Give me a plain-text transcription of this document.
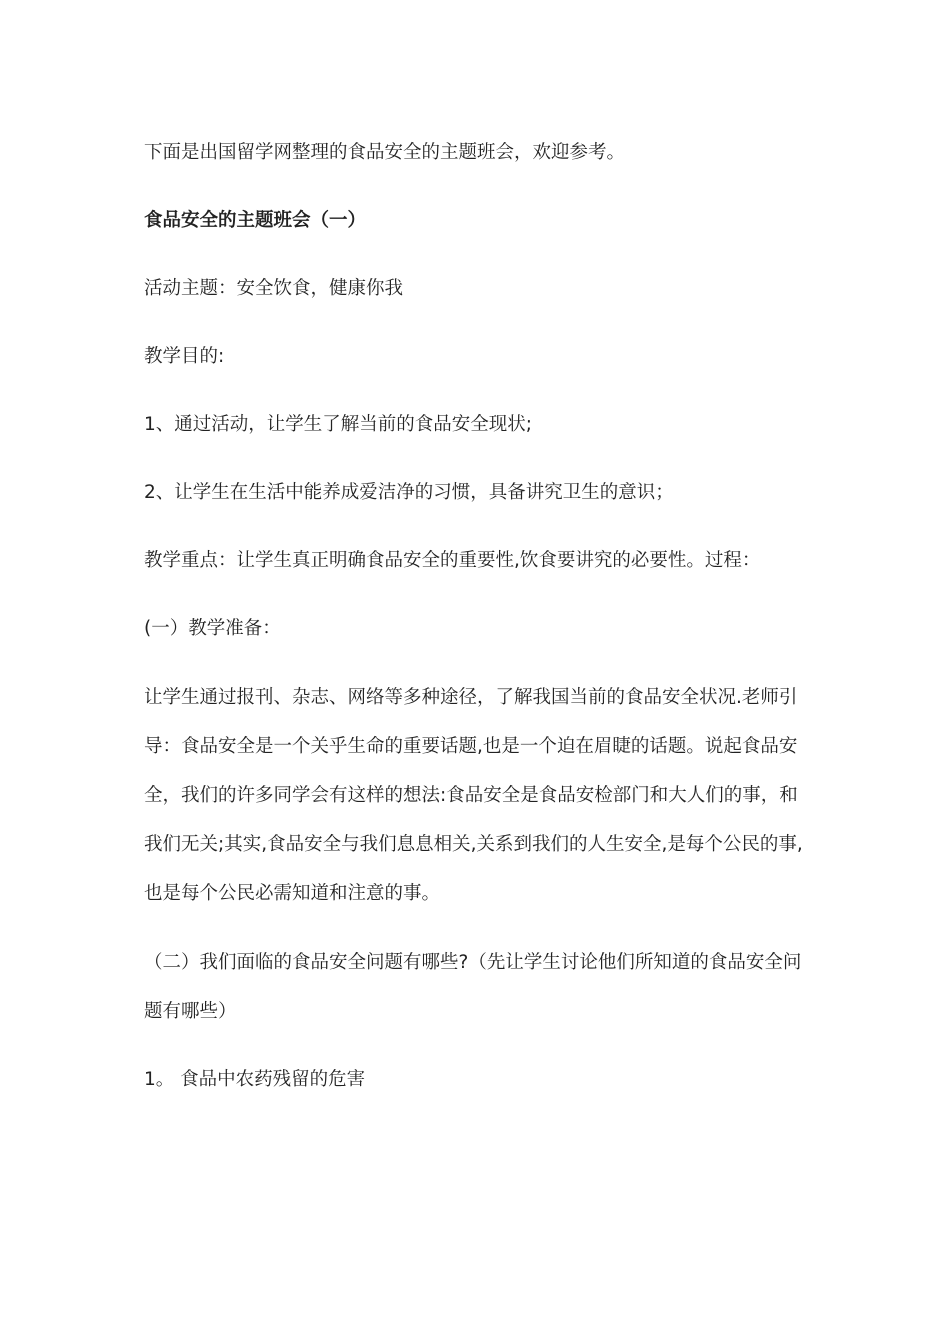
下面是出国留学网整理的食品安全的主题班会，欢迎参考。

食品安全的主题班会（一）

活动主题：安全饮食，健康你我

教学目的:

1、通过活动，让学生了解当前的食品安全现状;

2、让学生在生活中能养成爱洁净的习惯，具备讲究卫生的意识；

教学重点：让学生真正明确食品安全的重要性,饮食要讲究的必要性。过程：

(一）教学准备：

让学生通过报刊、杂志、网络等多种途径，了解我国当前的食品安全状况.老师引导：食品安全是一个关乎生命的重要话题,也是一个迫在眉睫的话题。说起食品安全，我们的许多同学会有这样的想法:食品安全是食品安检部门和大人们的事，和我们无关;其实,食品安全与我们息息相关,关系到我们的人生安全,是每个公民的事,也是每个公民必需知道和注意的事。

（二）我们面临的食品安全问题有哪些?（先让学生讨论他们所知道的食品安全问题有哪些）

1。 食品中农药残留的危害
